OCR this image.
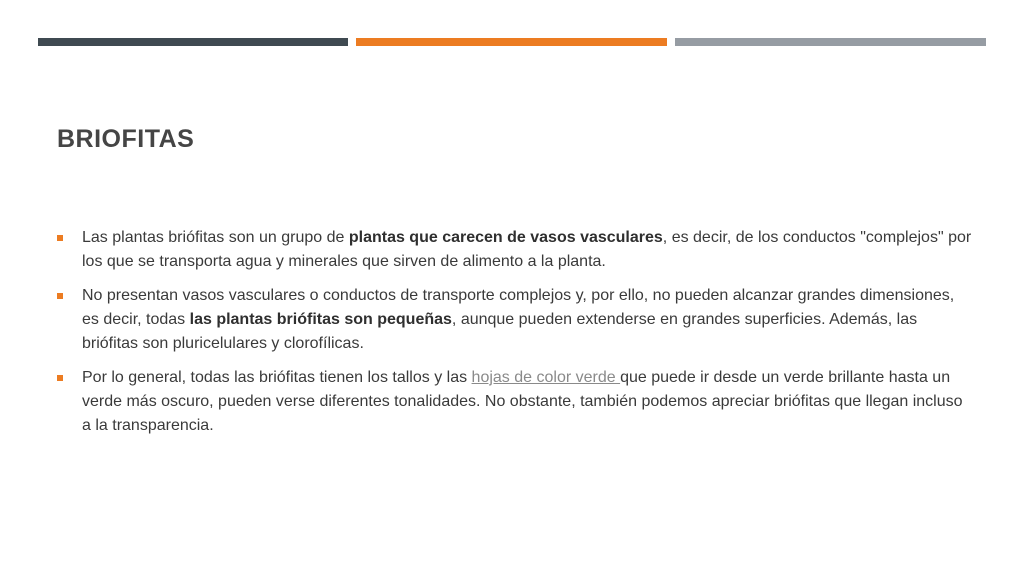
BRIOFITAS
Las plantas briófitas son un grupo de plantas que carecen de vasos vasculares, es decir, de los conductos "complejos" por los que se transporta agua y minerales que sirven de alimento a la planta.
No presentan vasos vasculares o conductos de transporte complejos y, por ello, no pueden alcanzar grandes dimensiones, es decir, todas las plantas briófitas son pequeñas, aunque pueden extenderse en grandes superficies. Además, las briófitas son pluricelulares y clorofílicas.
Por lo general, todas las briófitas tienen los tallos y las hojas de color verde que puede ir desde un verde brillante hasta un verde más oscuro, pueden verse diferentes tonalidades. No obstante, también podemos apreciar briófitas que llegan incluso a la transparencia.
